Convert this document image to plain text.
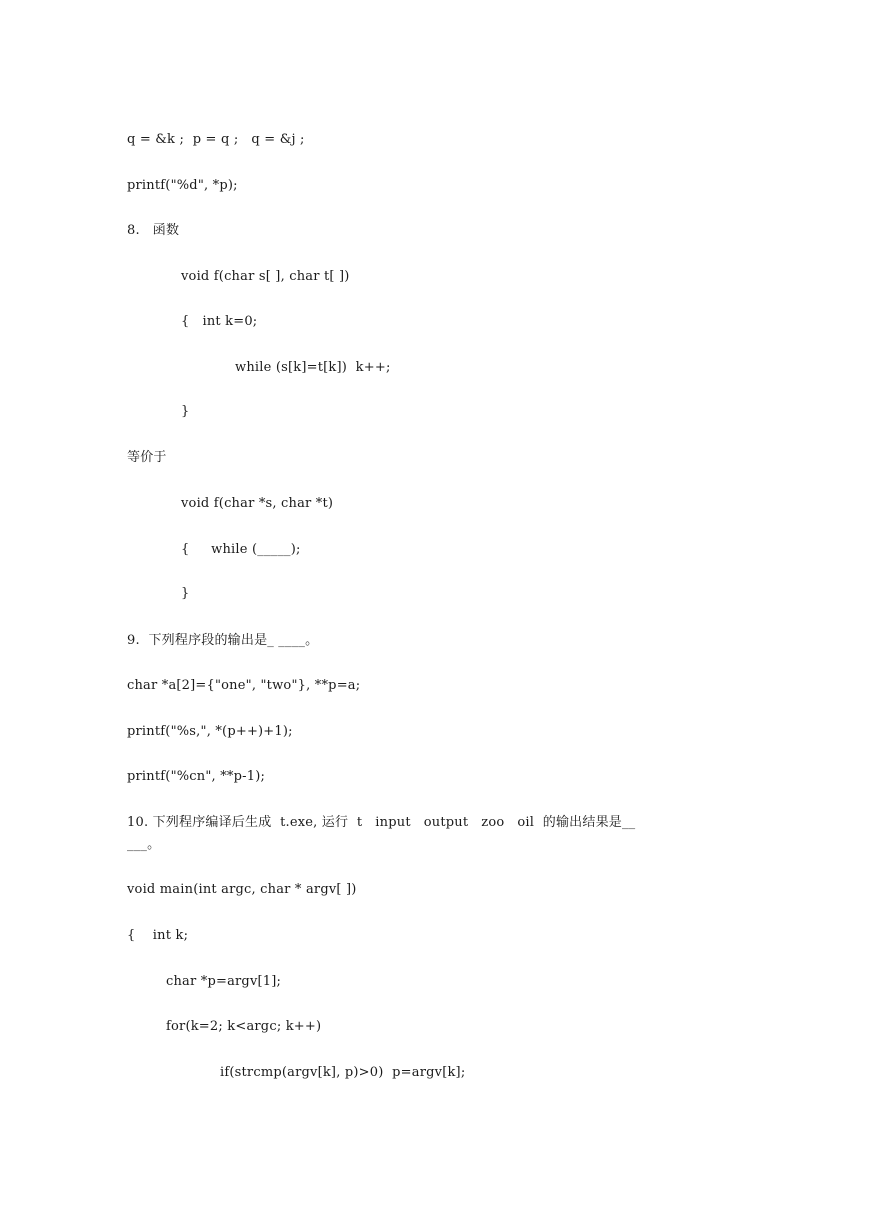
q = &k ;  p = q ;   q = &j ;
printf("%d", *p);
8.   函数
void f(char s[ ], char t[ ])
{   int k=0;
while (s[k]=t[k])  k++;
}
等价于
void f(char *s, char *t)
{     while (_____);
}
9.  下列程序段的输出是_ ____。
char *a[2]={"one", "two"}, **p=a;
printf("%s,", *(p++)+1);
printf("%cn", **p-1);
10. 下列程序编译后生成  t.exe, 运行  t   input   output   zoo   oil  的输出结果是__
___。
void main(int argc, char * argv[ ])
{    int k;
char *p=argv[1];
for(k=2; k<argc; k++)
if(strcmp(argv[k], p)>0)  p=argv[k];
